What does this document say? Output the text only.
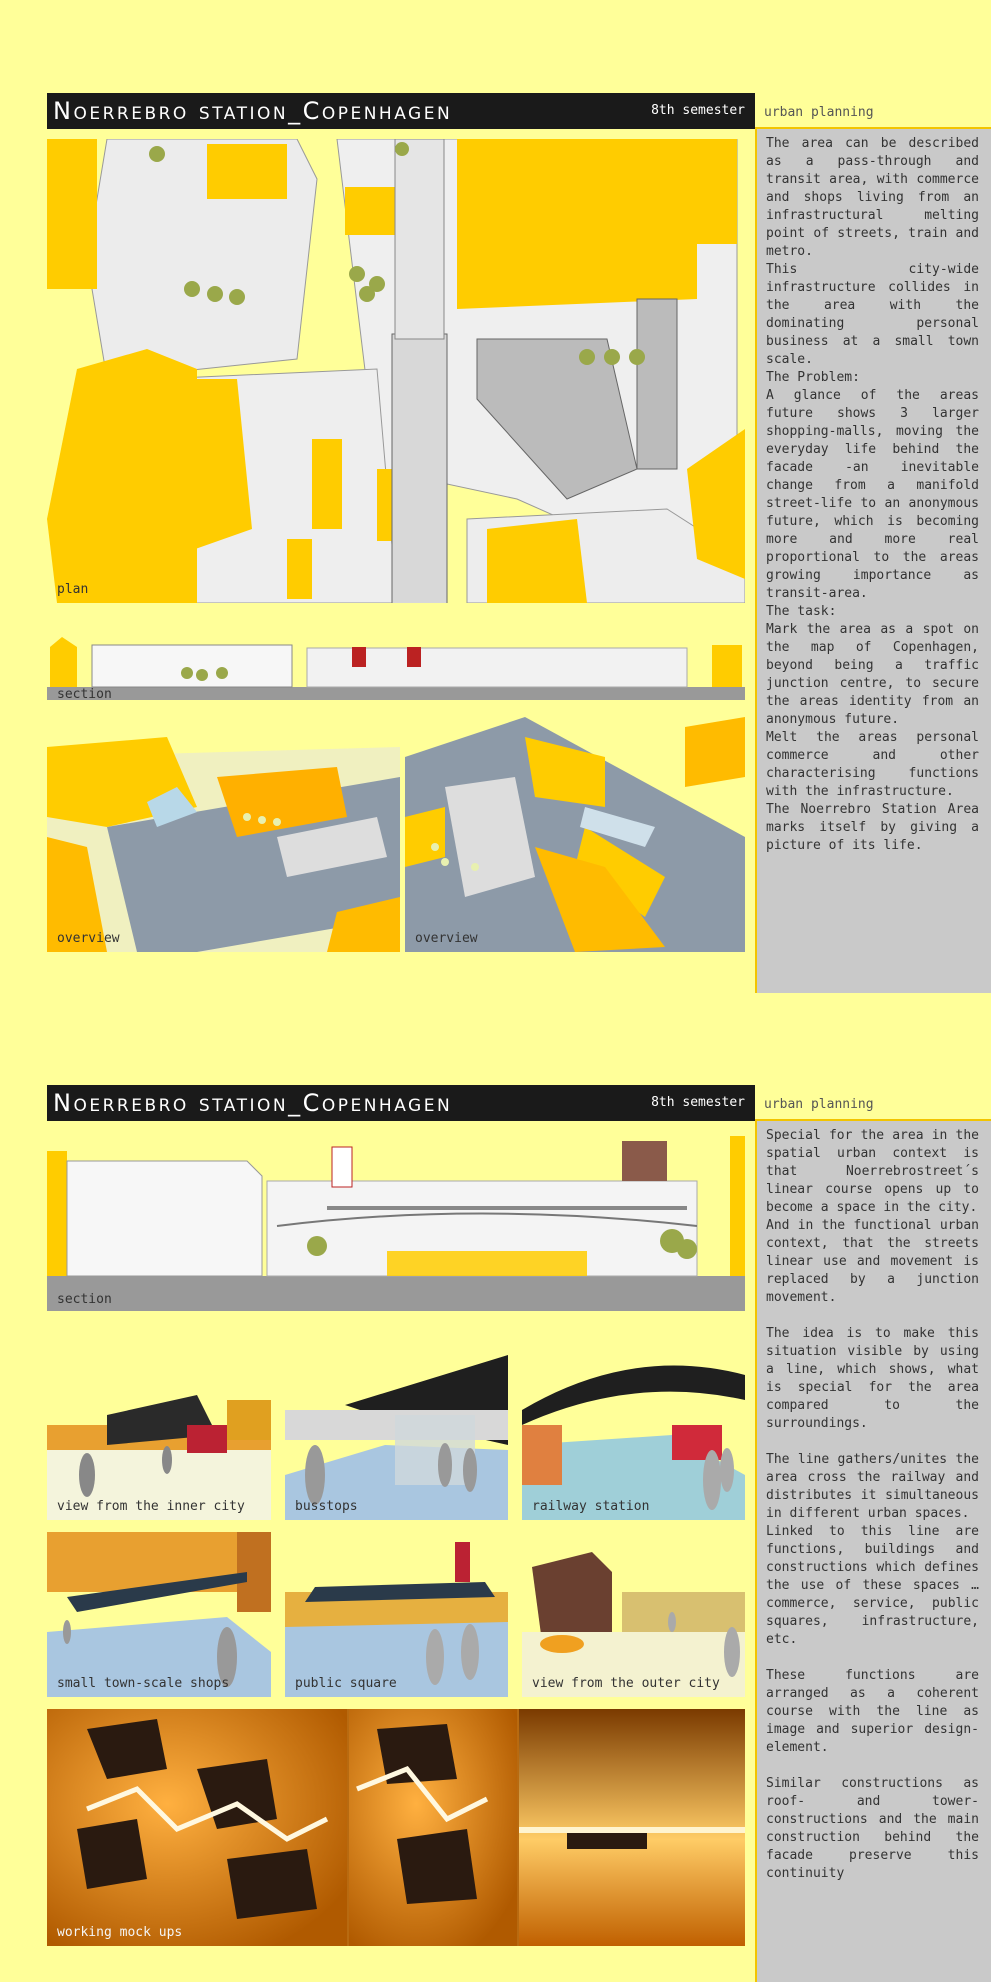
Noerrebro station_Copenhagen	8th semester urban planning

The area can be described as a pass-through and transit area, with commerce and shops living from an infrastructural melting point of streets, train and metro.

This city-wide infrastructure collides in the area with the dominating personal business at a small town scale.

The Problem:

A glance of the areas future shows 3 larger shopping-malls, moving the everyday life behind the facade -an inevitable change from a manifold street-life to an anonymous future, which is becoming more and more real proportional to the areas growing importance as transit-area.

The task:

Mark the area as a spot on the map of Copenhagen, beyond being a traffic junction centre, to secure the areas identity from an anonymous future.

Melt the areas personal commerce and other characterising functions with the infrastructure.

The Noerrebro Station Area marks itself by giving a picture of its life.

plan
section
overview	overview
Noerrebro station_Copenhagen	8th semester urban planning

Special for the area in the spatial urban context is that Noerrebrostreet´s linear course opens up to become a space in the city.

And in the functional urban context, that the streets linear use and movement is replaced by a junction movement.

The idea is to make this situation visible by using a line, which shows, what is special for the area compared to the surroundings.

The line gathers/unites the area cross the railway and distributes it simultaneous in different urban spaces.

Linked to this line are functions, buildings and constructions which defines the use of these spaces …commerce, service, public squares, infrastructure, etc.

These functions are arranged as a coherent course with the line as image and superior design-element.

Similar constructions as roof- and tower-constructions and the main construction behind the facade preserve this continuity

section
view from the inner city	busstops	railway station
small town-scale shops	public square	view from the outer city
working mock ups
